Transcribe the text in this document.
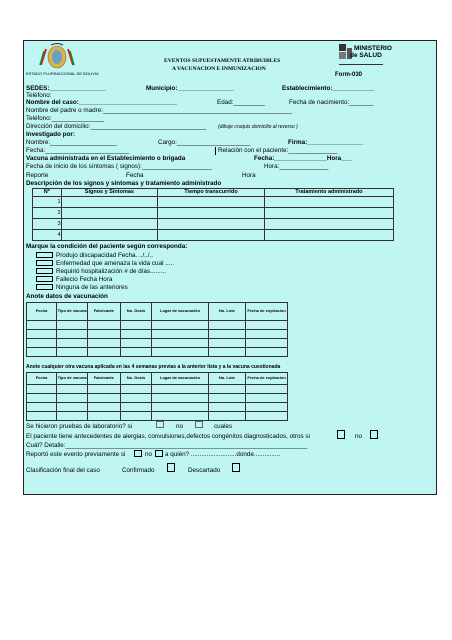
ESTADO PLURINACIONAL DE BOLIVIA
EVENTOS SUPUESTAMENTE ATRIBUIBLES
A VACUNACION E INMUNIZACION
MINISTERIO
de SALUD
Form-030
SEDES:________________	Municipio:________________	Establecimiento:____________
Teléfono:
Nombre del caso:____________________________	Edad:_________	Fecha de nacimiento:_______
Nombre del padre o madre:______________________________________________________
Teléfono:_______________
Dirección del domicilio:_________________________________ (dibuje croquis domicilio al reverso )
Investigado por:
Nombre:___________________	Cargo:_____________________	Firma:________________
Fecha:________________________	Relación con el paciente:______________
Vacuna administrada en el Establecimiento o brigada	Fecha:_______________Hora___
Fecha de inicio de los síntomas ( signos):____________________	Hora:______________
Reporte	Fecha	Hora
Descripción de los signos y síntomas y tratamiento administrado
Nº	Signos y Síntomas	Tiempo transcurrido	Tratamiento administrado
1			
2			
3			
4			
Marque la condición del paciente según corresponda:
Produjo discapacidad Fecha. ../../..
Enfermedad que amenaza la vida cual .....
Requirió hospitalización # de días.........
Fallecio Fecha Hora
Ninguna de las anteriores
Anote datos de vacunación
Fecha	Tipo de vacuna	Fabricante	No. Dosis	Lugar de vacunación	No. Lote	Fecha de expiracion

Anote cualquier otra vacuna aplicada en las 4 semanas previas a la anterior lista y a la vacuna cuestionada
Fecha	Tipo de vacuna	Fabricante	No. Dosis	Lugar de vacunación	No. Lote	Fecha de expiracion

Se hicieron pruebas de laboratorio? si	no	cuales
El paciente tiene antecedentes de alergias, convulsiones,defectos congénitos diagnosticados, otros si	no
Cuál? Detalle:_____________________________________________________________________
Reportó este evento previamente si	no a quién? ..........................donde...............
Clasificación final del caso	Confirmado	Descartado
